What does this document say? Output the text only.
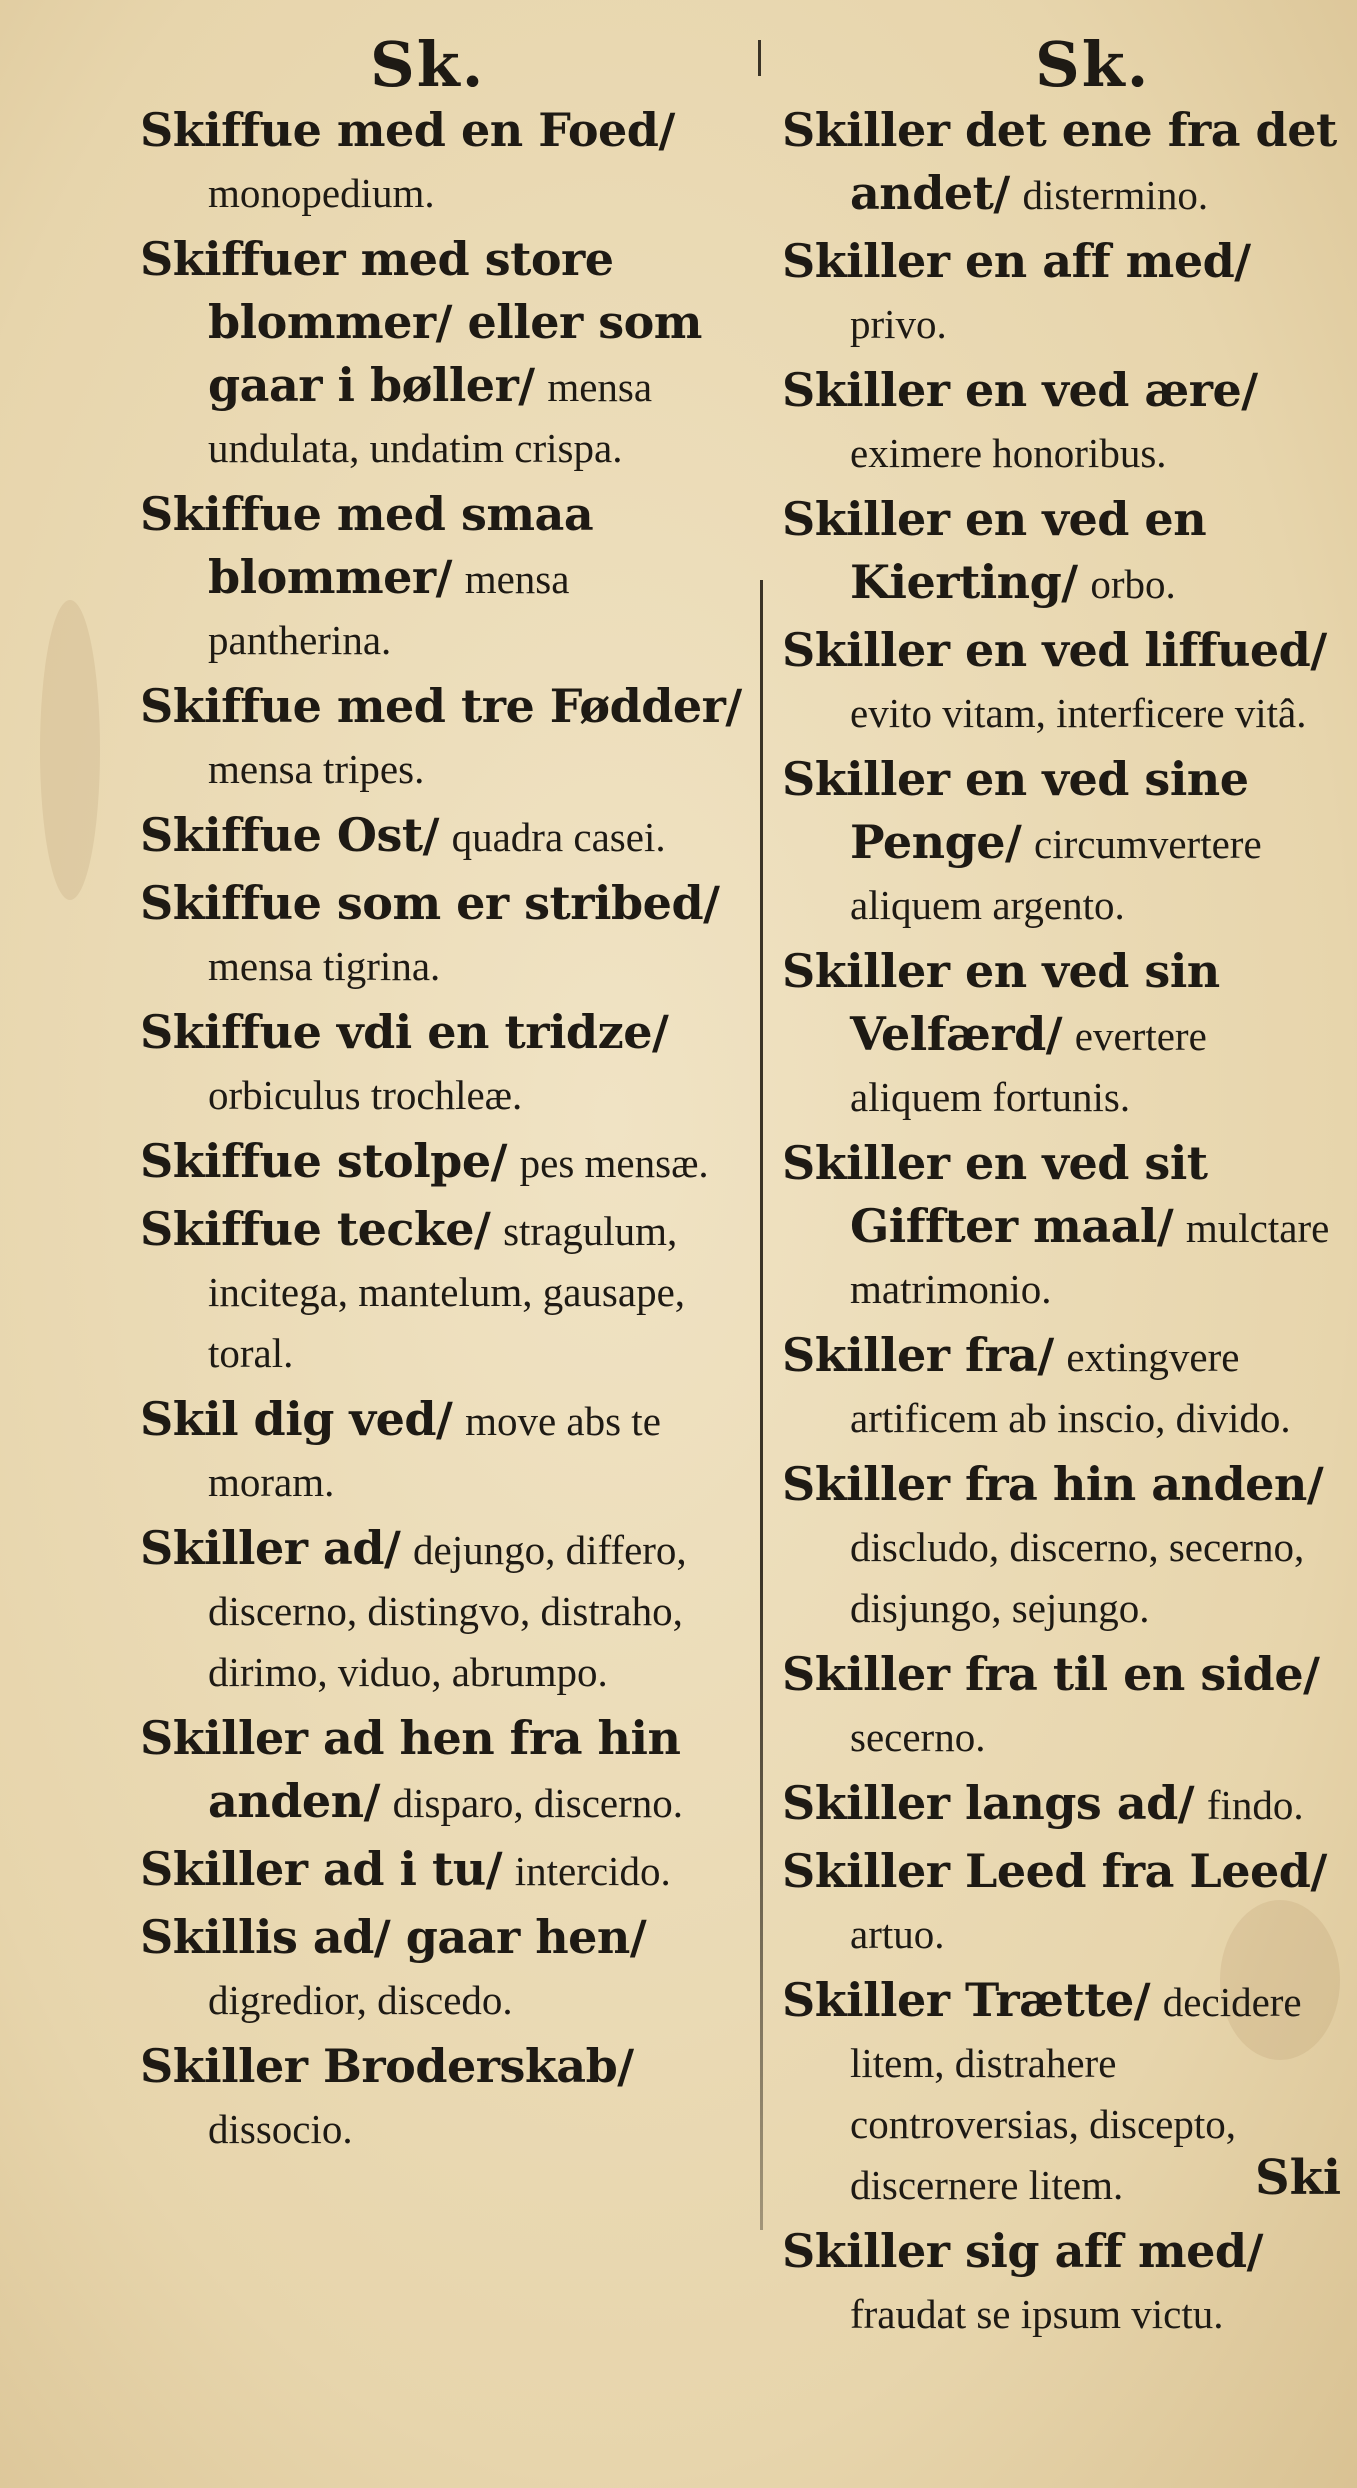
Sk.	Sk.
Skiffue med en Foed/ monopedium.
Skiffuer med store blommer/ eller som gaar i bøller/ mensa undulata, undatim crispa.
Skiffue med smaa blommer/ mensa pantherina.
Skiffue med tre Fødder/ mensa tripes.
Skiffue Ost/ quadra casei.
Skiffue som er stribed/ mensa tigrina.
Skiffue vdi en tridze/ orbiculus trochleæ.
Skiffue stolpe/ pes mensæ.
Skiffue tecke/ stragulum, incitega, mantelum, gausape, toral.
Skil dig ved/ move abs te moram.
Skiller ad/ dejungo, differo, discerno, distingvo, distraho, dirimo, viduo, abrumpo.
Skiller ad hen fra hin anden/ disparo, discerno.
Skiller ad i tu/ intercido.
Skillis ad/ gaar hen/ digredior, discedo.
Skiller Broderskab/ dissocio.
Skiller det ene fra det andet/ distermino.
Skiller en aff med/ privo.
Skiller en ved ære/ eximere honoribus.
Skiller en ved en Kierting/ orbo.
Skiller en ved liffued/ evito vitam, interficere vitâ.
Skiller en ved sine Penge/ circumvertere aliquem argento.
Skiller en ved sin Velfærd/ evertere aliquem fortunis.
Skiller en ved sit Giffter maal/ mulctare matrimonio.
Skiller fra/ extingvere artificem ab inscio, divido.
Skiller fra hin anden/ discludo, discerno, secerno, disjungo, sejungo.
Skiller fra til en side/ secerno.
Skiller langs ad/ findo.
Skiller Leed fra Leed/ artuo.
Skiller Trætte/ decidere litem, distrahere controversias, discepto, discernere litem.
Skiller sig aff med/ fraudat se ipsum victu.
Ski
